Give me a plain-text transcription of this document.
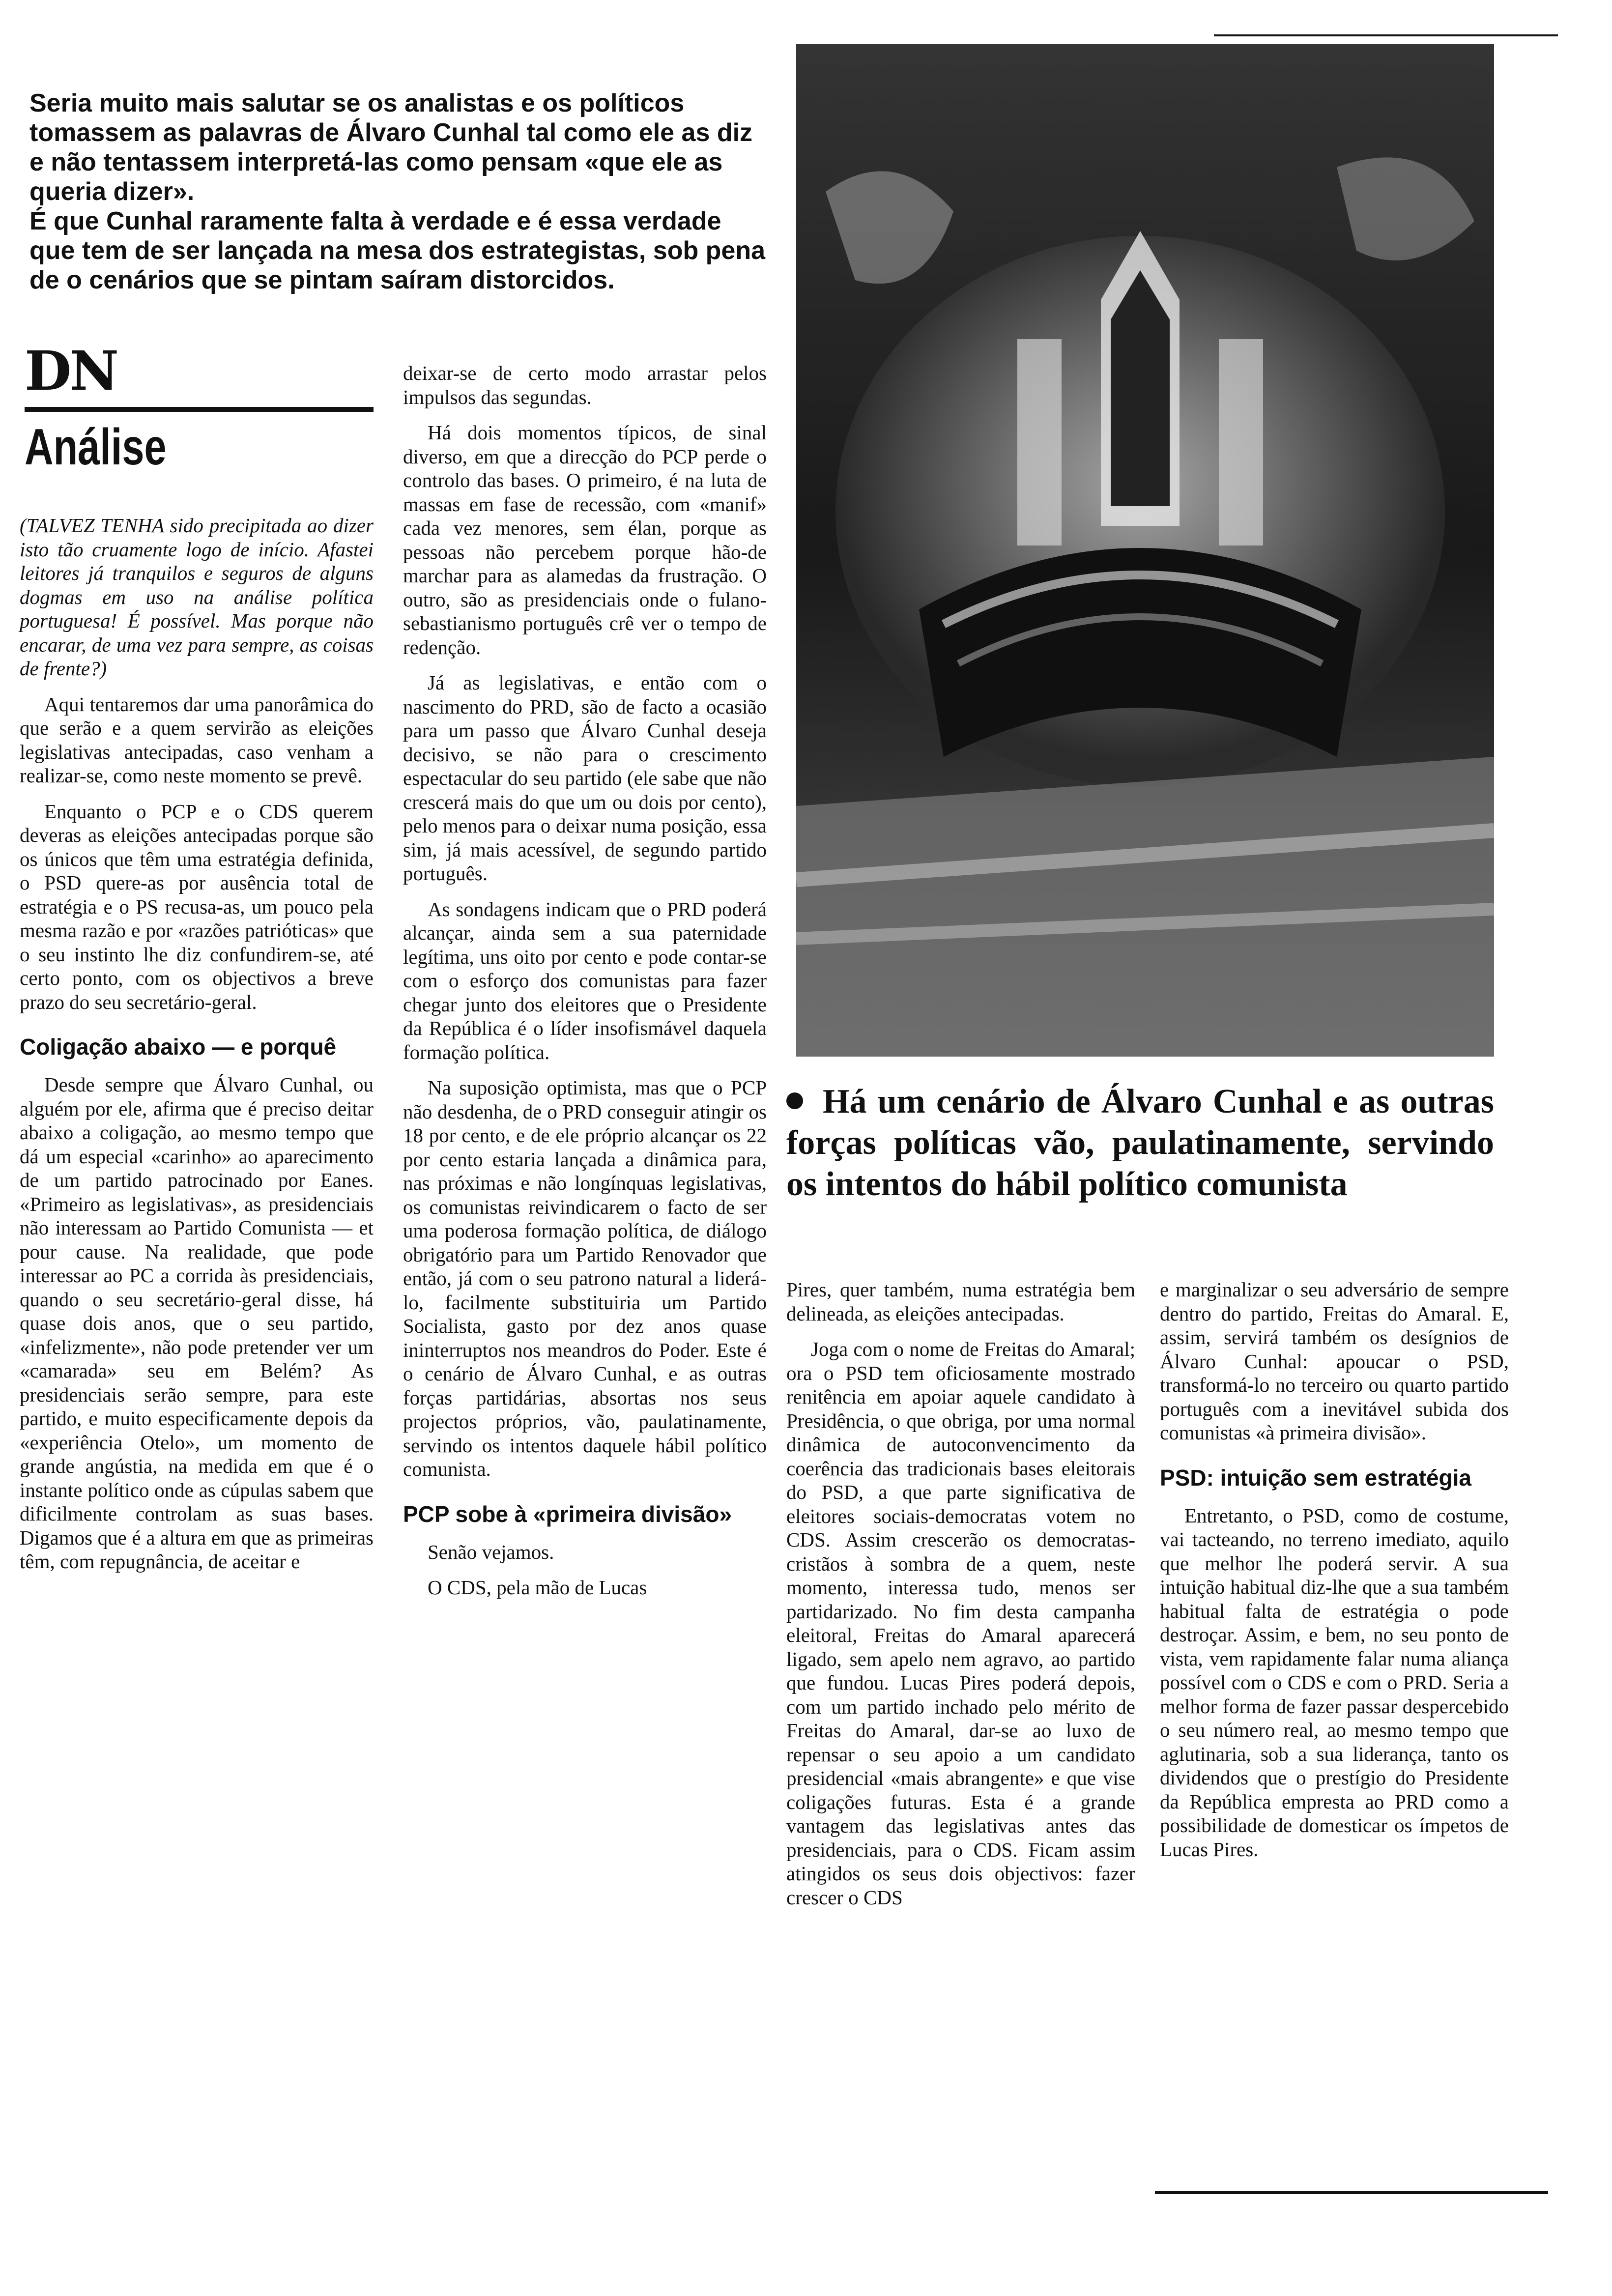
Seria muito mais salutar se os analistas e os políticos tomassem as palavras de Álvaro Cunhal tal como ele as diz e não tentassem interpretá-las como pensam «que ele as queria dizer».

É que Cunhal raramente falta à verdade e é essa verdade que tem de ser lançada na mesa dos estrategistas, sob pena de o cenários que se pintam saíram distorcidos.

DN
Análise

(TALVEZ TENHA sido precipitada ao dizer isto tão cruamente logo de início. Afastei leitores já tranquilos e seguros de alguns dogmas em uso na análise política portuguesa! É possível. Mas porque não encarar, de uma vez para sempre, as coisas de frente?)

Aqui tentaremos dar uma panorâmica do que serão e a quem servirão as eleições legislativas antecipadas, caso venham a realizar-se, como neste momento se prevê.

Enquanto o PCP e o CDS querem deveras as eleições antecipadas porque são os únicos que têm uma estratégia definida, o PSD quere-as por ausência total de estratégia e o PS recusa-as, um pouco pela mesma razão e por «razões patrióticas» que o seu instinto lhe diz confundirem-se, até certo ponto, com os objectivos a breve prazo do seu secretário-geral.

Coligação abaixo — e porquê

Desde sempre que Álvaro Cunhal, ou alguém por ele, afirma que é preciso deitar abaixo a coligação, ao mesmo tempo que dá um especial «carinho» ao aparecimento de um partido patrocinado por Eanes. «Primeiro as legislativas», as presidenciais não interessam ao Partido Comunista — et pour cause. Na realidade, que pode interessar ao PC a corrida às presidenciais, quando o seu secretário-geral disse, há quase dois anos, que o seu partido, «infelizmente», não pode pretender ver um «camarada» seu em Belém? As presidenciais serão sempre, para este partido, e muito especificamente depois da «experiência Otelo», um momento de grande angústia, na medida em que é o instante político onde as cúpulas sabem que dificilmente controlam as suas bases. Digamos que é a altura em que as primeiras têm, com repugnância, de aceitar e

deixar-se de certo modo arrastar pelos impulsos das segundas.

Há dois momentos típicos, de sinal diverso, em que a direcção do PCP perde o controlo das bases. O primeiro, é na luta de massas em fase de recessão, com «manif» cada vez menores, sem élan, porque as pessoas não percebem porque hão-de marchar para as alamedas da frustração. O outro, são as presidenciais onde o fulano-sebastianismo português crê ver o tempo de redenção.

Já as legislativas, e então com o nascimento do PRD, são de facto a ocasião para um passo que Álvaro Cunhal deseja decisivo, se não para o crescimento espectacular do seu partido (ele sabe que não crescerá mais do que um ou dois por cento), pelo menos para o deixar numa posição, essa sim, já mais acessível, de segundo partido português.

As sondagens indicam que o PRD poderá alcançar, ainda sem a sua paternidade legítima, uns oito por cento e pode contar-se com o esforço dos comunistas para fazer chegar junto dos eleitores que o Presidente da República é o líder insofismável daquela formação política.

Na suposição optimista, mas que o PCP não desdenha, de o PRD conseguir atingir os 18 por cento, e de ele próprio alcançar os 22 por cento estaria lançada a dinâmica para, nas próximas e não longínquas legislativas, os comunistas reivindicarem o facto de ser uma poderosa formação política, de diálogo obrigatório para um Partido Renovador que então, já com o seu patrono natural a liderá-lo, facilmente substituiria um Partido Socialista, gasto por dez anos quase ininterruptos nos meandros do Poder. Este é o cenário de Álvaro Cunhal, e as outras forças partidárias, absortas nos seus projectos próprios, vão, paulatinamente, servindo os intentos daquele hábil político comunista.

PCP sobe à «primeira divisão»

Senão vejamos.

O CDS, pela mão de Lucas

Há um cenário de Álvaro Cunhal e as outras forças políticas vão, paulatinamente, servindo os intentos do hábil político comunista

Pires, quer também, numa estratégia bem delineada, as eleições antecipadas.

Joga com o nome de Freitas do Amaral; ora o PSD tem oficiosamente mostrado renitência em apoiar aquele candidato à Presidência, o que obriga, por uma normal dinâmica de autoconvencimento da coerência das tradicionais bases eleitorais do PSD, a que parte significativa de eleitores sociais-democratas votem no CDS. Assim crescerão os democratas-cristãos à sombra de a quem, neste momento, interessa tudo, menos ser partidarizado. No fim desta campanha eleitoral, Freitas do Amaral aparecerá ligado, sem apelo nem agravo, ao partido que fundou. Lucas Pires poderá depois, com um partido inchado pelo mérito de Freitas do Amaral, dar-se ao luxo de repensar o seu apoio a um candidato presidencial «mais abrangente» e que vise coligações futuras. Esta é a grande vantagem das legislativas antes das presidenciais, para o CDS. Ficam assim atingidos os seus dois objectivos: fazer crescer o CDS

e marginalizar o seu adversário de sempre dentro do partido, Freitas do Amaral. E, assim, servirá também os desígnios de Álvaro Cunhal: apoucar o PSD, transformá-lo no terceiro ou quarto partido português com a inevitável subida dos comunistas «à primeira divisão».

PSD: intuição sem estratégia

Entretanto, o PSD, como de costume, vai tacteando, no terreno imediato, aquilo que melhor lhe poderá servir. A sua intuição habitual diz-lhe que a sua também habitual falta de estratégia o pode destroçar. Assim, e bem, no seu ponto de vista, vem rapidamente falar numa aliança possível com o CDS e com o PRD. Seria a melhor forma de fazer passar despercebido o seu número real, ao mesmo tempo que aglutinaria, sob a sua liderança, tanto os dividendos que o prestígio do Presidente da República empresta ao PRD como a possibilidade de domesticar os ímpetos de Lucas Pires.
